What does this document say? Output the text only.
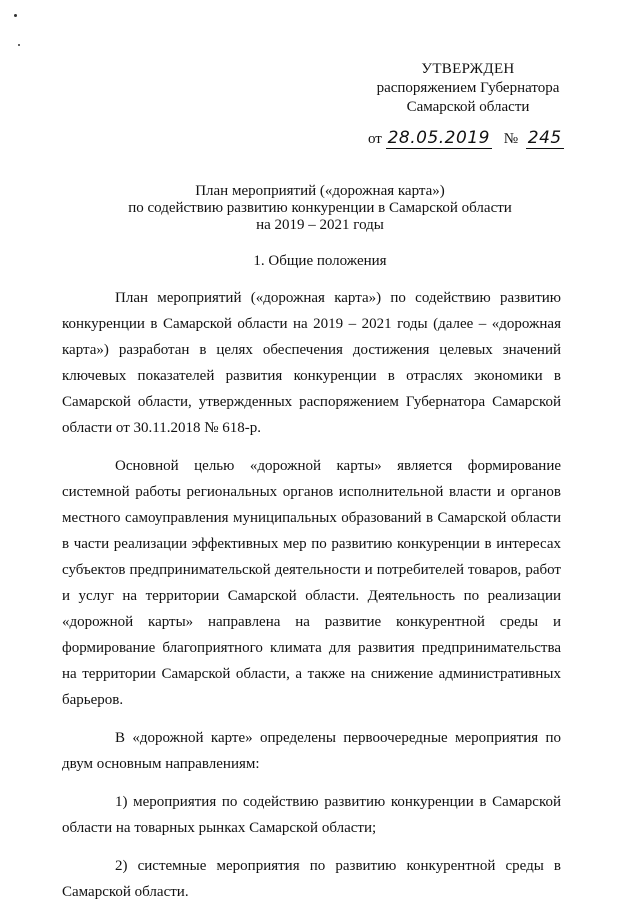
УТВЕРЖДЕН
распоряжением Губернатора
Самарской области
от 28.05.2019 № 245
План мероприятий («дорожная карта»)
по содействию развитию конкуренции в Самарской области
на 2019 – 2021 годы
1. Общие положения

План мероприятий («дорожная карта») по содействию развитию конкуренции в Самарской области на 2019 – 2021 годы (далее – «дорожная карта») разработан в целях обеспечения достижения целевых значений ключевых показателей развития конкуренции в отраслях экономики в Самарской области, утвержденных распоряжением Губернатора Самарской области от 30.11.2018 № 618-р.

Основной целью «дорожной карты» является формирование системной работы региональных органов исполнительной власти и органов местного самоуправления муниципальных образований в Самарской области в части реализации эффективных мер по развитию конкуренции в интересах субъектов предпринимательской деятельности и потребителей товаров, работ и услуг на территории Самарской области. Деятельность по реализации «дорожной карты» направлена на развитие конкурентной среды и формирование благоприятного климата для развития предпринимательства на территории Самарской области, а также на снижение административных барьеров.

В «дорожной карте» определены первоочередные мероприятия по двум основным направлениям:

1) мероприятия по содействию развитию конкуренции в Самарской области на товарных рынках Самарской области;

2) системные мероприятия по развитию конкурентной среды в Самарской области.
